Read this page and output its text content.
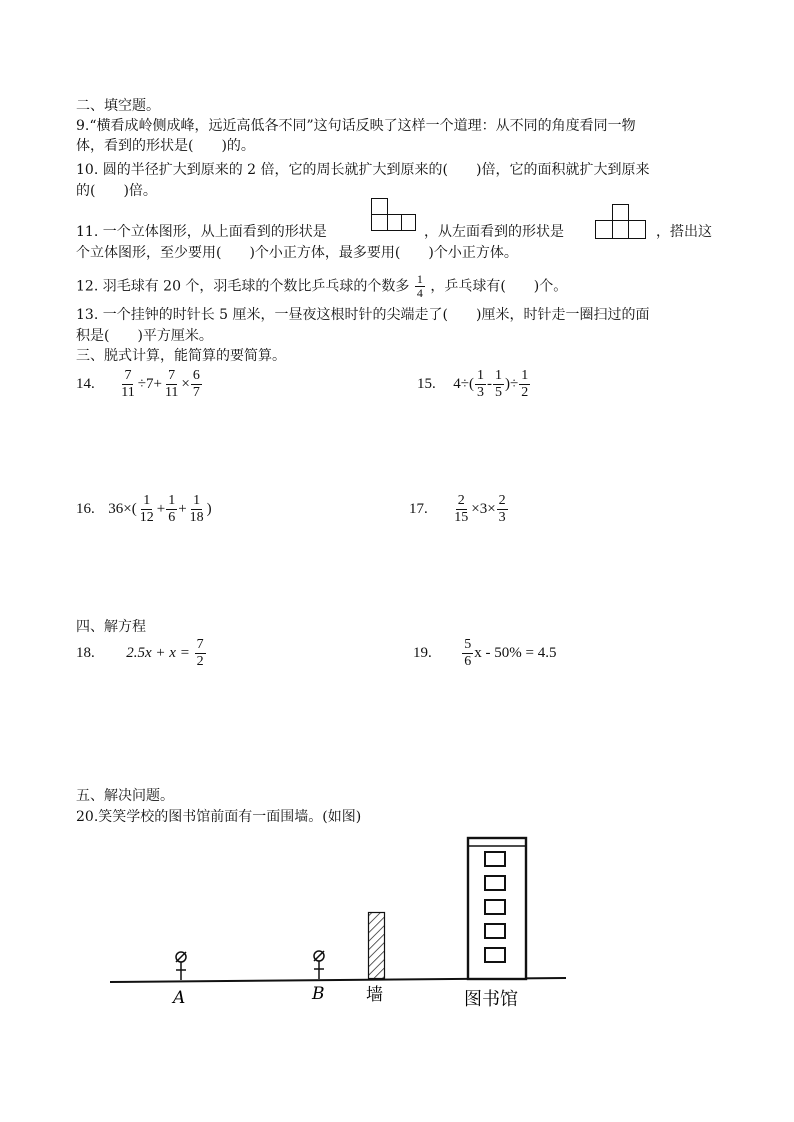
二、填空题。
9.“横看成岭侧成峰，远近高低各不同”这句话反映了这样一个道理：从不同的角度看同一物
体，看到的形状是(　　)的。
10. 圆的半径扩大到原来的 2 倍，它的周长就扩大到原来的(　　)倍，它的面积就扩大到原来
的(　　)倍。
11. 一个立体图形，从上面看到的形状是	，从左面看到的形状是	，搭出这
个立体图形，至少要用(　　)个小正方体，最多要用(　　)个小正方体。
12. 羽毛球有 20 个，羽毛球的个数比乒乓球的个数多 $\frac{1}{4}$ ，乒乓球有(　　)个。
13. 一个挂钟的时针长 5 厘米，一昼夜这根时针的尖端走了(　　)厘米，时针走一圈扫过的面
积是(　　)平方厘米。
三、脱式计算，能简算的要简算。
14. $\frac{7}{11} \div 7+ \frac{7}{11} \times \frac{6}{7}$	15. $4\div( \frac{1}{3} - \frac{1}{5}$ )÷ $\frac{1}{2}$
16. $36\times( \frac{1}{12} + \frac{1}{6} + \frac{1}{18}$ )	17. $\frac{2}{15} \times 3\times \frac{2}{3}$
四、解方程
18. $2.5x + x = \frac{7}{2}$	19. $\frac{5}{6}$ x - 50% = 4.5
五、解决问题。
20.笑笑学校的图书馆前面有一面围墙。(如图)
A	B 墙	图书馆
